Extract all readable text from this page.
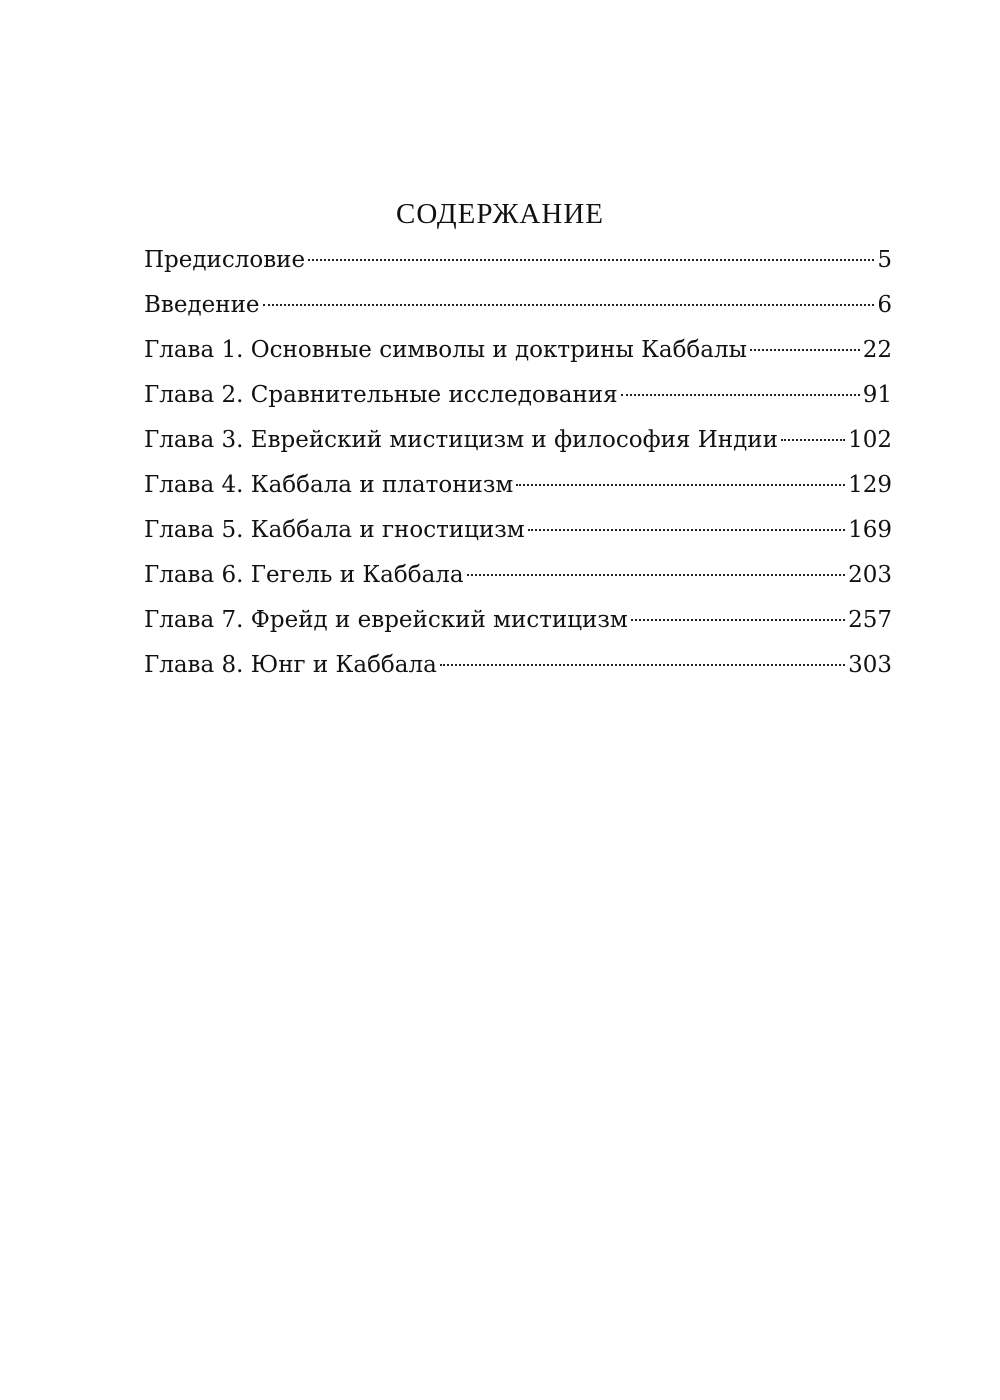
СОДЕРЖАНИЕ
Предисловие	5
Введение	6
Глава 1. Основные символы и доктрины Каббалы	22
Глава 2. Сравнительные исследования	91
Глава 3. Еврейский мистицизм и философия Индии	102
Глава 4. Каббала и платонизм	129
Глава 5. Каббала и гностицизм	169
Глава 6. Гегель и Каббала	203
Глава 7. Фрейд и еврейский мистицизм	257
Глава 8. Юнг и Каббала	303
